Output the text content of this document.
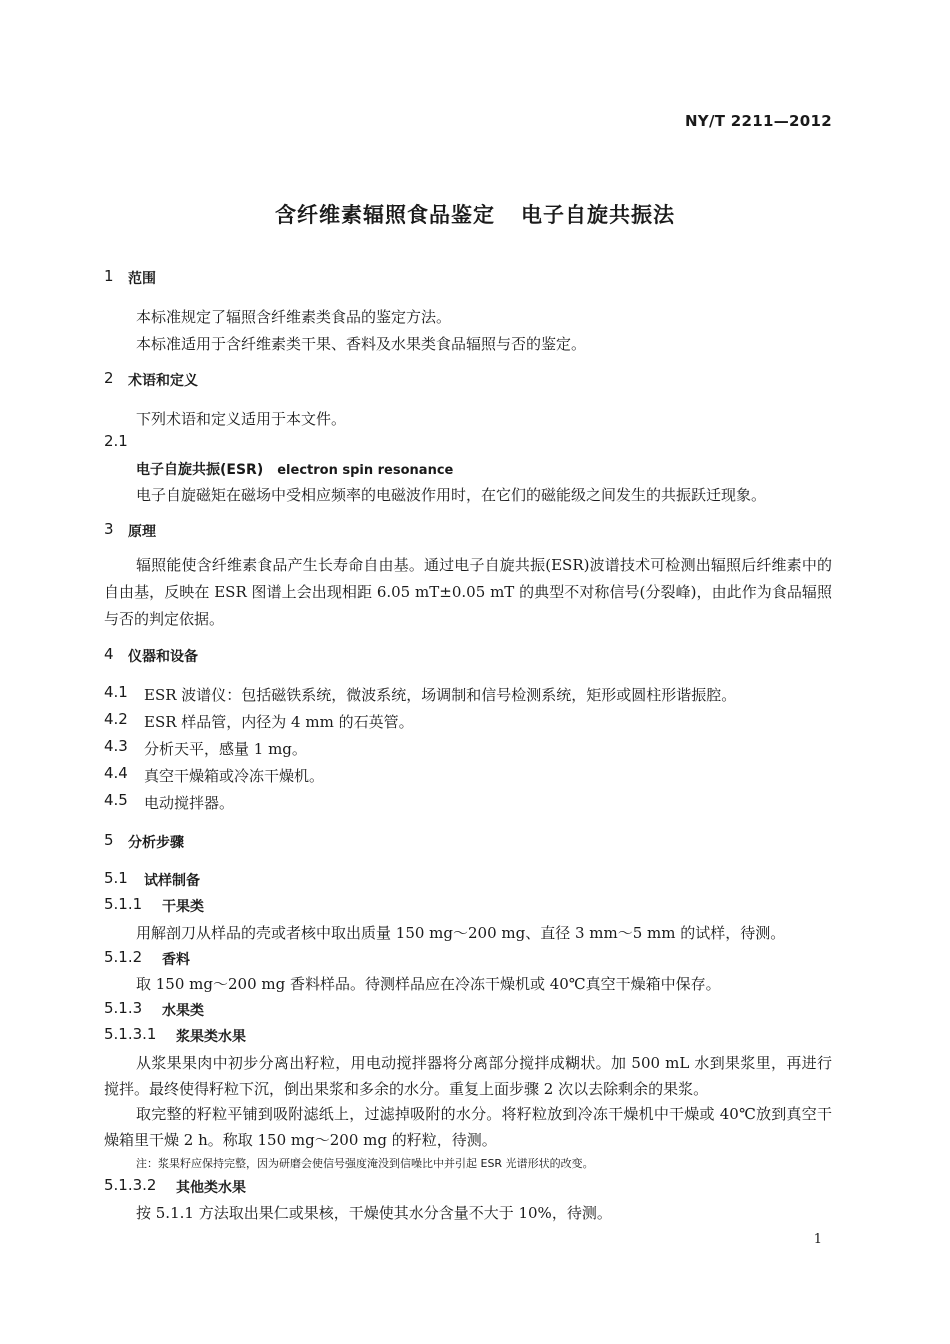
NY/T 2211—2012
含纤维素辐照食品鉴定 电子自旋共振法
1 范围
本标准规定了辐照含纤维素类食品的鉴定方法。
本标准适用于含纤维素类干果、香料及水果类食品辐照与否的鉴定。
2 术语和定义
下列术语和定义适用于本文件。
2.1
电子自旋共振(ESR) electron spin resonance
电子自旋磁矩在磁场中受相应频率的电磁波作用时，在它们的磁能级之间发生的共振跃迁现象。
3 原理
辐照能使含纤维素食品产生长寿命自由基。通过电子自旋共振(ESR)波谱技术可检测出辐照后纤维素中的自由基，反映在 ESR 图谱上会出现相距 6.05 mT±0.05 mT 的典型不对称信号(分裂峰)，由此作为食品辐照与否的判定依据。
4 仪器和设备
4.1 ESR 波谱仪：包括磁铁系统，微波系统，场调制和信号检测系统，矩形或圆柱形谐振腔。
4.2 ESR 样品管，内径为 4 mm 的石英管。
4.3 分析天平，感量 1 mg。
4.4 真空干燥箱或冷冻干燥机。
4.5 电动搅拌器。
5 分析步骤
5.1 试样制备
5.1.1 干果类
用解剖刀从样品的壳或者核中取出质量 150 mg～200 mg、直径 3 mm～5 mm 的试样，待测。
5.1.2 香料
取 150 mg～200 mg 香料样品。待测样品应在冷冻干燥机或 40℃真空干燥箱中保存。
5.1.3 水果类
5.1.3.1 浆果类水果
从浆果果肉中初步分离出籽粒，用电动搅拌器将分离部分搅拌成糊状。加 500 mL 水到果浆里，再进行搅拌。最终使得籽粒下沉，倒出果浆和多余的水分。重复上面步骤 2 次以去除剩余的果浆。
取完整的籽粒平铺到吸附滤纸上，过滤掉吸附的水分。将籽粒放到冷冻干燥机中干燥或 40℃放到真空干燥箱里干燥 2 h。称取 150 mg～200 mg 的籽粒，待测。
注：浆果籽应保持完整，因为研磨会使信号强度淹没到信噪比中并引起 ESR 光谱形状的改变。
5.1.3.2 其他类水果
按 5.1.1 方法取出果仁或果核，干燥使其水分含量不大于 10%，待测。
1
